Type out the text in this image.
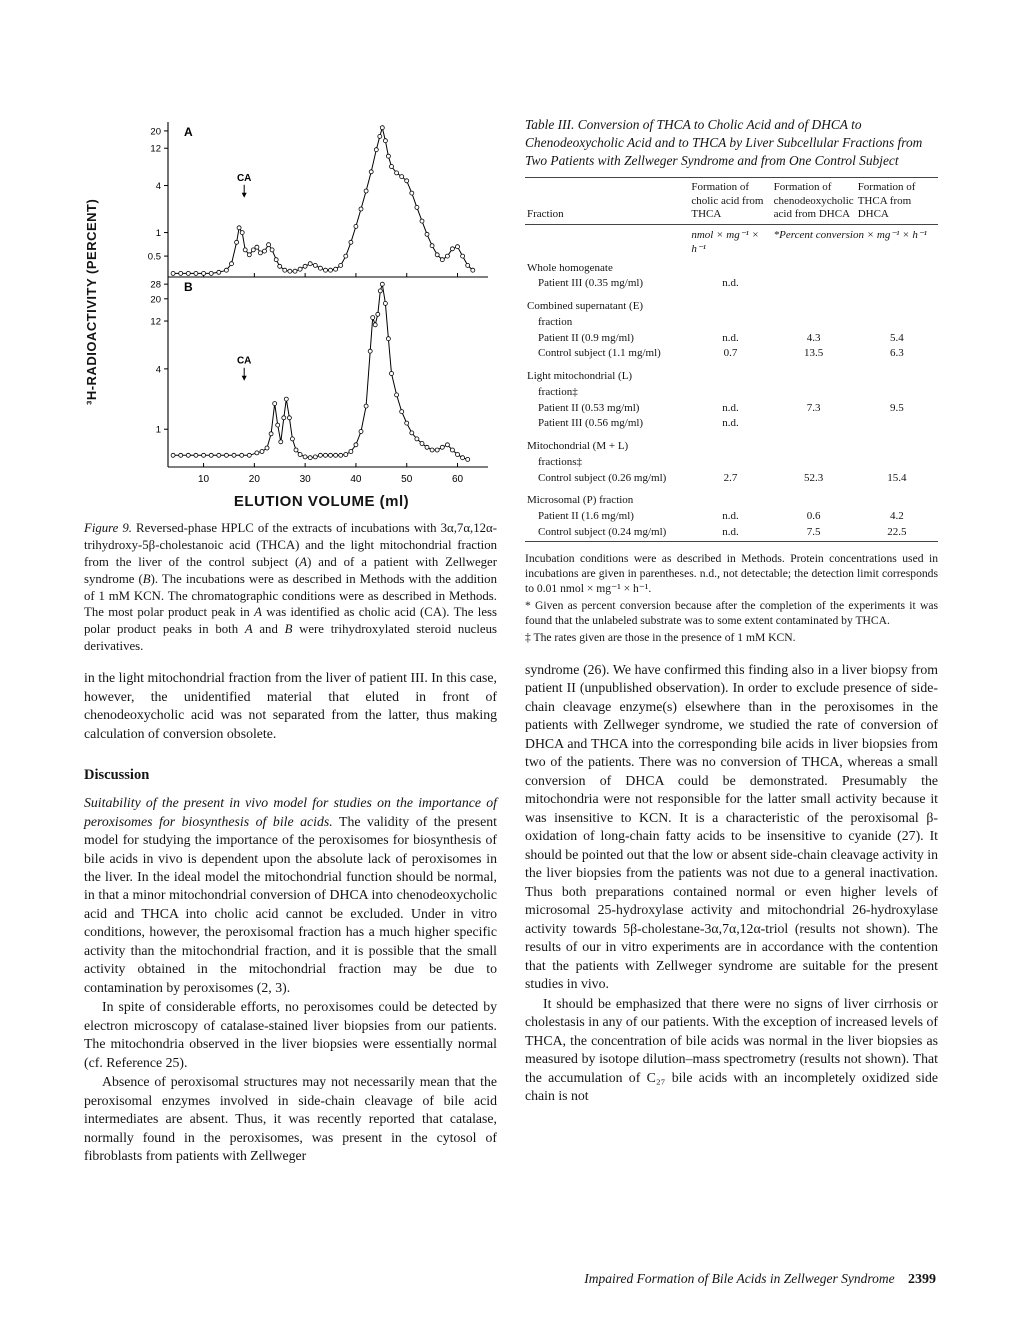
³H-RADIOACTIVITY (PERCENT)
20
12
4
1
0.5
A
CA
28
20
12
4
1
10	20	30	40	50	60
B
CA
ELUTION VOLUME (ml)

Figure 9. Reversed-phase HPLC of the extracts of incubations with 3α,7α,12α-trihydroxy-5β-cholestanoic acid (THCA) and the light mitochondrial fraction from the liver of the control subject (A) and of a patient with Zellweger syndrome (B). The incubations were as described in Methods with the addition of 1 mM KCN. The chromatographic conditions were as described in Methods. The most polar product peak in A was identified as cholic acid (CA). The less polar product peaks in both A and B were trihydroxylated steroid nucleus derivatives.

in the light mitochondrial fraction from the liver of patient III. In this case, however, the unidentified material that eluted in front of chenodeoxycholic acid was not separated from the latter, thus making calculation of conversion obsolete.

Discussion

Suitability of the present in vivo model for studies on the importance of peroxisomes for biosynthesis of bile acids. The validity of the present model for studying the importance of the peroxisomes for biosynthesis of bile acids in vivo is dependent upon the absolute lack of peroxisomes in the liver. In the ideal model the mitochondrial function should be normal, in that a minor mitochondrial conversion of DHCA into chenodeoxycholic acid and THCA into cholic acid cannot be excluded. Under in vitro conditions, however, the peroxisomal fraction has a much higher specific activity than the mitochondrial fraction, and it is possible that the small activity obtained in the mitochondrial fraction may be due to contamination by peroxisomes (2, 3).

In spite of considerable efforts, no peroxisomes could be detected by electron microscopy of catalase-stained liver biopsies from our patients. The mitochondria observed in the liver biopsies were essentially normal (cf. Reference 25).

Absence of peroxisomal structures may not necessarily mean that the peroxisomal enzymes involved in side-chain cleavage of bile acid intermediates are absent. Thus, it was recently reported that catalase, normally found in the peroxisomes, was present in the cytosol of fibroblasts from patients with Zellweger

Table III. Conversion of THCA to Cholic Acid and of DHCA to Chenodeoxycholic Acid and to THCA by Liver Subcellular Fractions from Two Patients with Zellweger Syndrome and from One Control Subject

Fraction	Formation of cholic acid from THCA	Formation of chenodeoxycholic acid from DHCA	Formation of THCA from DHCA
	nmol × mg⁻¹ × h⁻¹	*Percent conversion × mg⁻¹ × h⁻¹	
Whole homogenate			
Patient III (0.35 mg/ml)	n.d.		

Combined supernatant (E)			
fraction			
Patient II (0.9 mg/ml)	n.d.	4.3	5.4
Control subject (1.1 mg/ml)	0.7	13.5	6.3

Light mitochondrial (L)			
fraction‡			
Patient II (0.53 mg/ml)	n.d.	7.3	9.5
Patient III (0.56 mg/ml)	n.d.		

Mitochondrial (M + L)			
fractions‡			
Control subject (0.26 mg/ml)	2.7	52.3	15.4

Microsomal (P) fraction			
Patient II (1.6 mg/ml)	n.d.	0.6	4.2
Control subject (0.24 mg/ml)	n.d.	7.5	22.5

Incubation conditions were as described in Methods. Protein concentrations used in incubations are given in parentheses. n.d., not detectable; the detection limit corresponds to 0.01 nmol × mg⁻¹ × h⁻¹.

* Given as percent conversion because after the completion of the experiments it was found that the unlabeled substrate was to some extent contaminated by THCA.

‡ The rates given are those in the presence of 1 mM KCN.

syndrome (26). We have confirmed this finding also in a liver biopsy from patient II (unpublished observation). In order to exclude presence of side-chain cleavage enzyme(s) elsewhere than in the peroxisomes in the patients with Zellweger syndrome, we studied the rate of conversion of DHCA and THCA into the corresponding bile acids in liver biopsies from two of the patients. There was no conversion of THCA, whereas a small conversion of DHCA could be demonstrated. Presumably the mitochondria were not responsible for the latter small activity because it was insensitive to KCN. It is a characteristic of the peroxisomal β-oxidation of long-chain fatty acids to be insensitive to cyanide (27). It should be pointed out that the low or absent side-chain cleavage activity in the liver biopsies from the patients was not due to a general inactivation. Thus both preparations contained normal or even higher levels of microsomal 25-hydroxylase activity and mitochondrial 26-hydroxylase activity towards 5β-cholestane-3α,7α,12α-triol (results not shown). The results of our in vitro experiments are in accordance with the contention that the patients with Zellweger syndrome are suitable for the present studies in vivo.

It should be emphasized that there were no signs of liver cirrhosis or cholestasis in any of our patients. With the exception of increased levels of THCA, the concentration of bile acids was normal in the liver biopsies as measured by isotope dilution–mass spectrometry (results not shown). That the accumulation of C₂₇ bile acids with an incompletely oxidized side chain is not

Impaired Formation of Bile Acids in Zellweger Syndrome 2399
